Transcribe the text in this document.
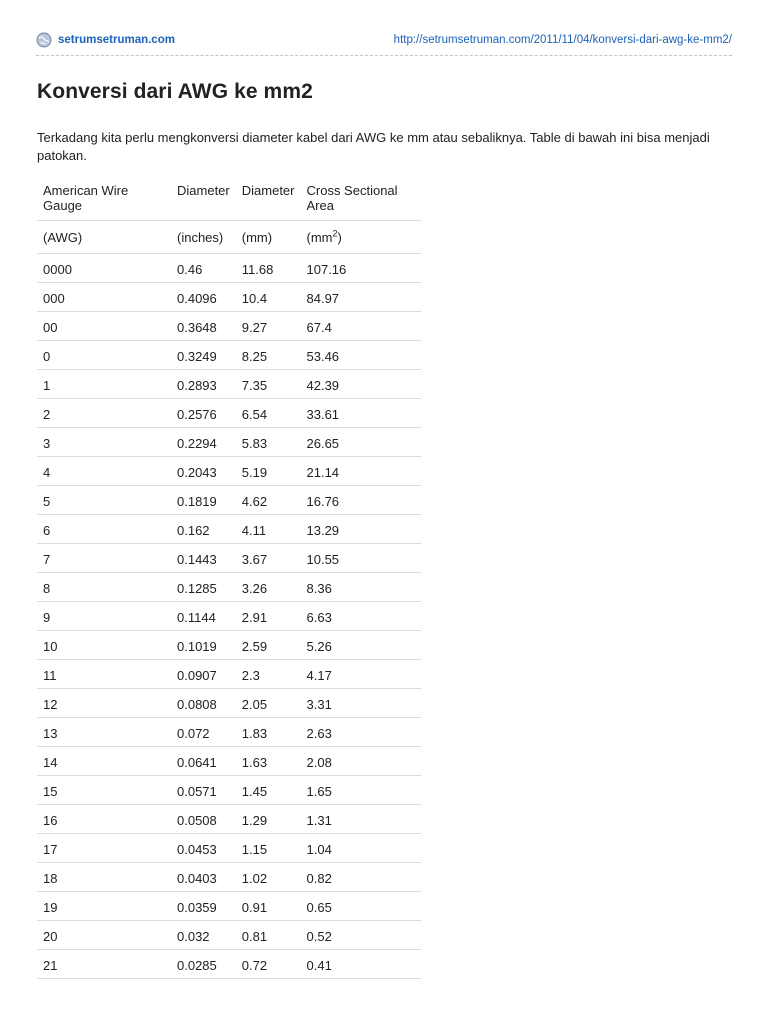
setrumsetruman.com	http://setrumsetruman.com/2011/11/04/konversi-dari-awg-ke-mm2/
Konversi dari AWG ke mm2

Terkadang kita perlu mengkonversi diameter kabel dari AWG ke mm atau sebaliknya. Table di bawah ini bisa menjadi patokan.

American Wire Gauge	Diameter	Diameter	Cross Sectional Area
(AWG)	(inches)	(mm)	$(mm^2)$
0000	0.46	11.68	107.16
000	0.4096	10.4	84.97
00	0.3648	9.27	67.4
0	0.3249	8.25	53.46
1	0.2893	7.35	42.39
2	0.2576	6.54	33.61
3	0.2294	5.83	26.65
4	0.2043	5.19	21.14
5	0.1819	4.62	16.76
6	0.162	4.11	13.29
7	0.1443	3.67	10.55
8	0.1285	3.26	8.36
9	0.1144	2.91	6.63
10	0.1019	2.59	5.26
11	0.0907	2.3	4.17
12	0.0808	2.05	3.31
13	0.072	1.83	2.63
14	0.0641	1.63	2.08
15	0.0571	1.45	1.65
16	0.0508	1.29	1.31
17	0.0453	1.15	1.04
18	0.0403	1.02	0.82
19	0.0359	0.91	0.65
20	0.032	0.81	0.52
21	0.0285	0.72	0.41
